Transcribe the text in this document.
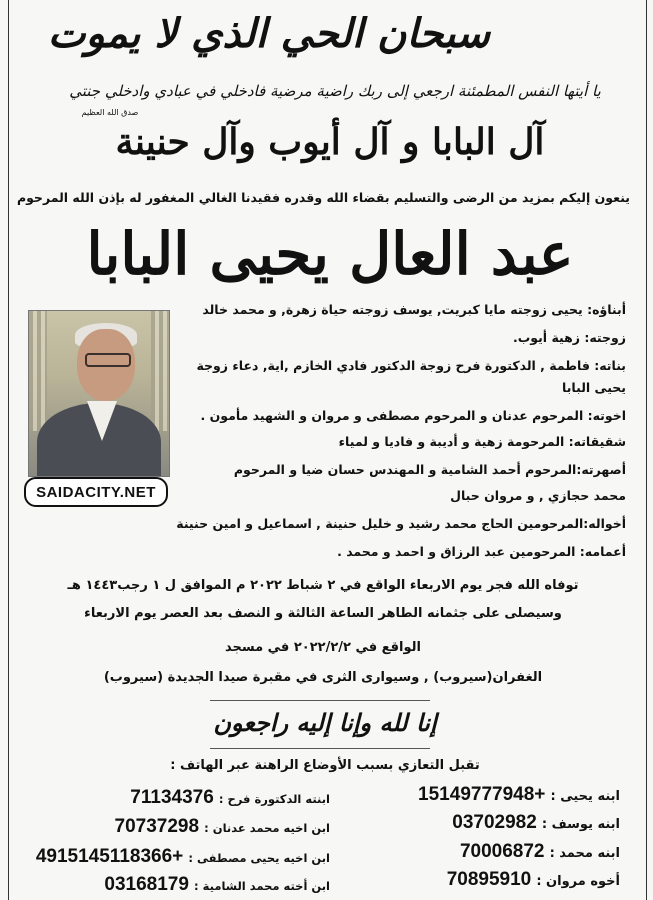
سبحان الحي الذي لا يموت
يا أيتها النفس المطمئنة ارجعي إلى ربك راضية مرضية فادخلي في عبادي وادخلي جنتي
صدق الله العظيم
آل البابا و آل أيوب وآل حنينة
ينعون إليكم بمزيد من الرضى والتسليم بقضاء الله وقدره فقيدنا الغالي المغفور له بإذن الله المرحوم
عبد العال يحيى البابا
SAIDACITY.NET
أبناؤه: يحيى زوجته مايا كبريت, يوسف زوجته حياة زهرة, و محمد خالد
زوجته: زهية أيوب.
بناته: فاطمة , الدكتورة فرح زوجة الدكتور فادي الخازم ,اية, دعاء زوجة
يحيى البابا
اخوته: المرحوم عدنان و المرحوم مصطفى و مروان و الشهيد مأمون .
شقيقاته: المرحومة زهية و أديبة و فاديا و لمياء
أصهرته:المرحوم أحمد الشامية و المهندس حسان ضيا و المرحوم
محمد حجازي , و مروان حبال
أخواله:المرحومين الحاج محمد رشيد و خليل حنينة , اسماعيل و امين حنينة
أعمامه: المرحومين عبد الرزاق و احمد و محمد .
توفاه الله فجر يوم الاربعاء الواقع في ٢ شباط ٢٠٢٢ م الموافق ل ١ رجب١٤٤٣ هـ
وسيصلى على جثمانه الطاهر الساعة الثالثة و النصف بعد العصر يوم الاربعاء
الواقع في ٢٠٢٢/٢/٢ في مسجد
الغفران(سيروب) , وسيوارى الثرى في مقبرة صيدا الجديدة (سيروب)
إنا لله وإنا إليه راجعون
تقبل التعازي بسبب الأوضاع الراهنة عبر الهاتف :
ابنه يحيى : +15149777948
ابنه يوسف : 03702982
ابنه محمد : 70006872
أخوه مروان : 70895910
ابنته الدكتورة فرح : 71134376
ابن اخيه محمد عدنان : 70737298
ابن اخيه يحيى مصطفى : +4915145118366
ابن أخته محمد الشامية : 03168179
